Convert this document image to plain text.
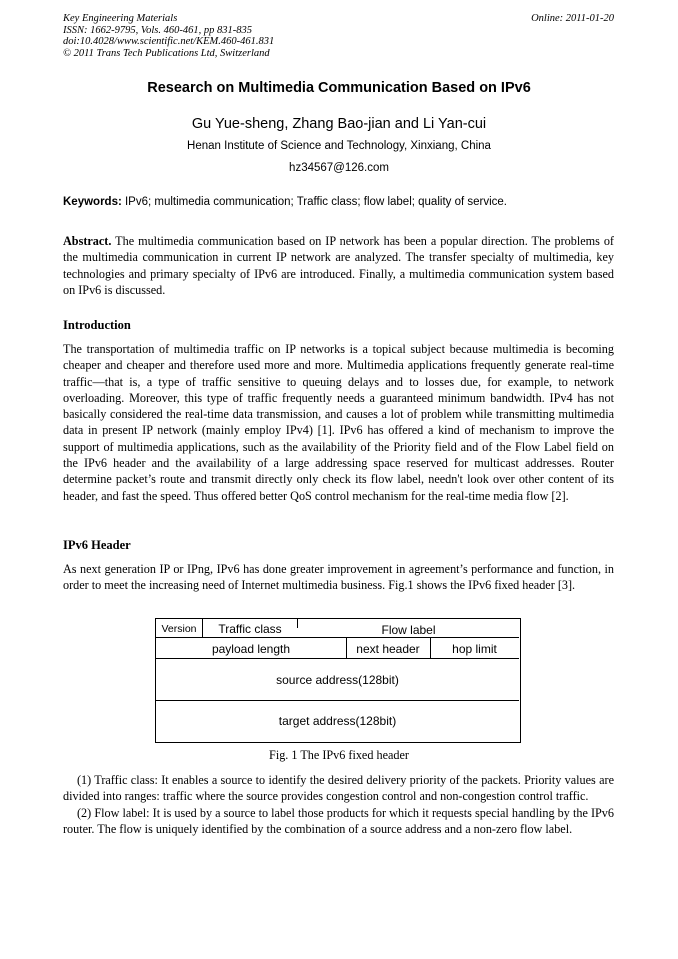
Key Engineering Materials
ISSN: 1662-9795, Vols. 460-461, pp 831-835
doi:10.4028/www.scientific.net/KEM.460-461.831
© 2011 Trans Tech Publications Ltd, Switzerland
Online: 2011-01-20
Research on Multimedia Communication Based on IPv6
Gu Yue-sheng, Zhang Bao-jian and Li Yan-cui
Henan Institute of Science and Technology, Xinxiang, China
hz34567@126.com
Keywords: IPv6; multimedia communication; Traffic class; flow label; quality of service.

Abstract. The multimedia communication based on IP network has been a popular direction. The problems of the multimedia communication in current IP network are analyzed. The transfer specialty of multimedia, key technologies and primary specialty of IPv6 are introduced. Finally, a multimedia communication system based on IPv6 is discussed.

Introduction

The transportation of multimedia traffic on IP networks is a topical subject because multimedia is becoming cheaper and cheaper and therefore used more and more. Multimedia applications frequently generate real-time traffic—that is, a type of traffic sensitive to queuing delays and to losses due, for example, to network overloading. Moreover, this type of traffic frequently needs a guaranteed minimum bandwidth. IPv4 has not basically considered the real-time data transmission, and causes a lot of problem while transmitting multimedia data in present IP network (mainly employ IPv4) [1]. IPv6 has offered a kind of mechanism to improve the support of multimedia applications, such as the availability of the Priority field and of the Flow Label field on the IPv6 header and the availability of a large addressing space reserved for multicast addresses. Router determine packet’s route and transmit directly only check its flow label, needn't look over other content of its header, and fast the speed. Thus offered better QoS control mechanism for the real-time media flow [2].

IPv6 Header

As next generation IP or IPng, IPv6 has done greater improvement in agreement’s performance and function, in order to meet the increasing need of Internet multimedia business. Fig.1 shows the IPv6 fixed header [3].

Version	Traffic class	Flow label
payload length	next header	hop limit
source address(128bit)
target address(128bit)
Fig. 1 The IPv6 fixed header

(1) Traffic class: It enables a source to identify the desired delivery priority of the packets. Priority values are divided into ranges: traffic where the source provides congestion control and non-congestion control traffic.

(2) Flow label: It is used by a source to label those products for which it requests special handling by the IPv6 router. The flow is uniquely identified by the combination of a source address and a non-zero flow label.
